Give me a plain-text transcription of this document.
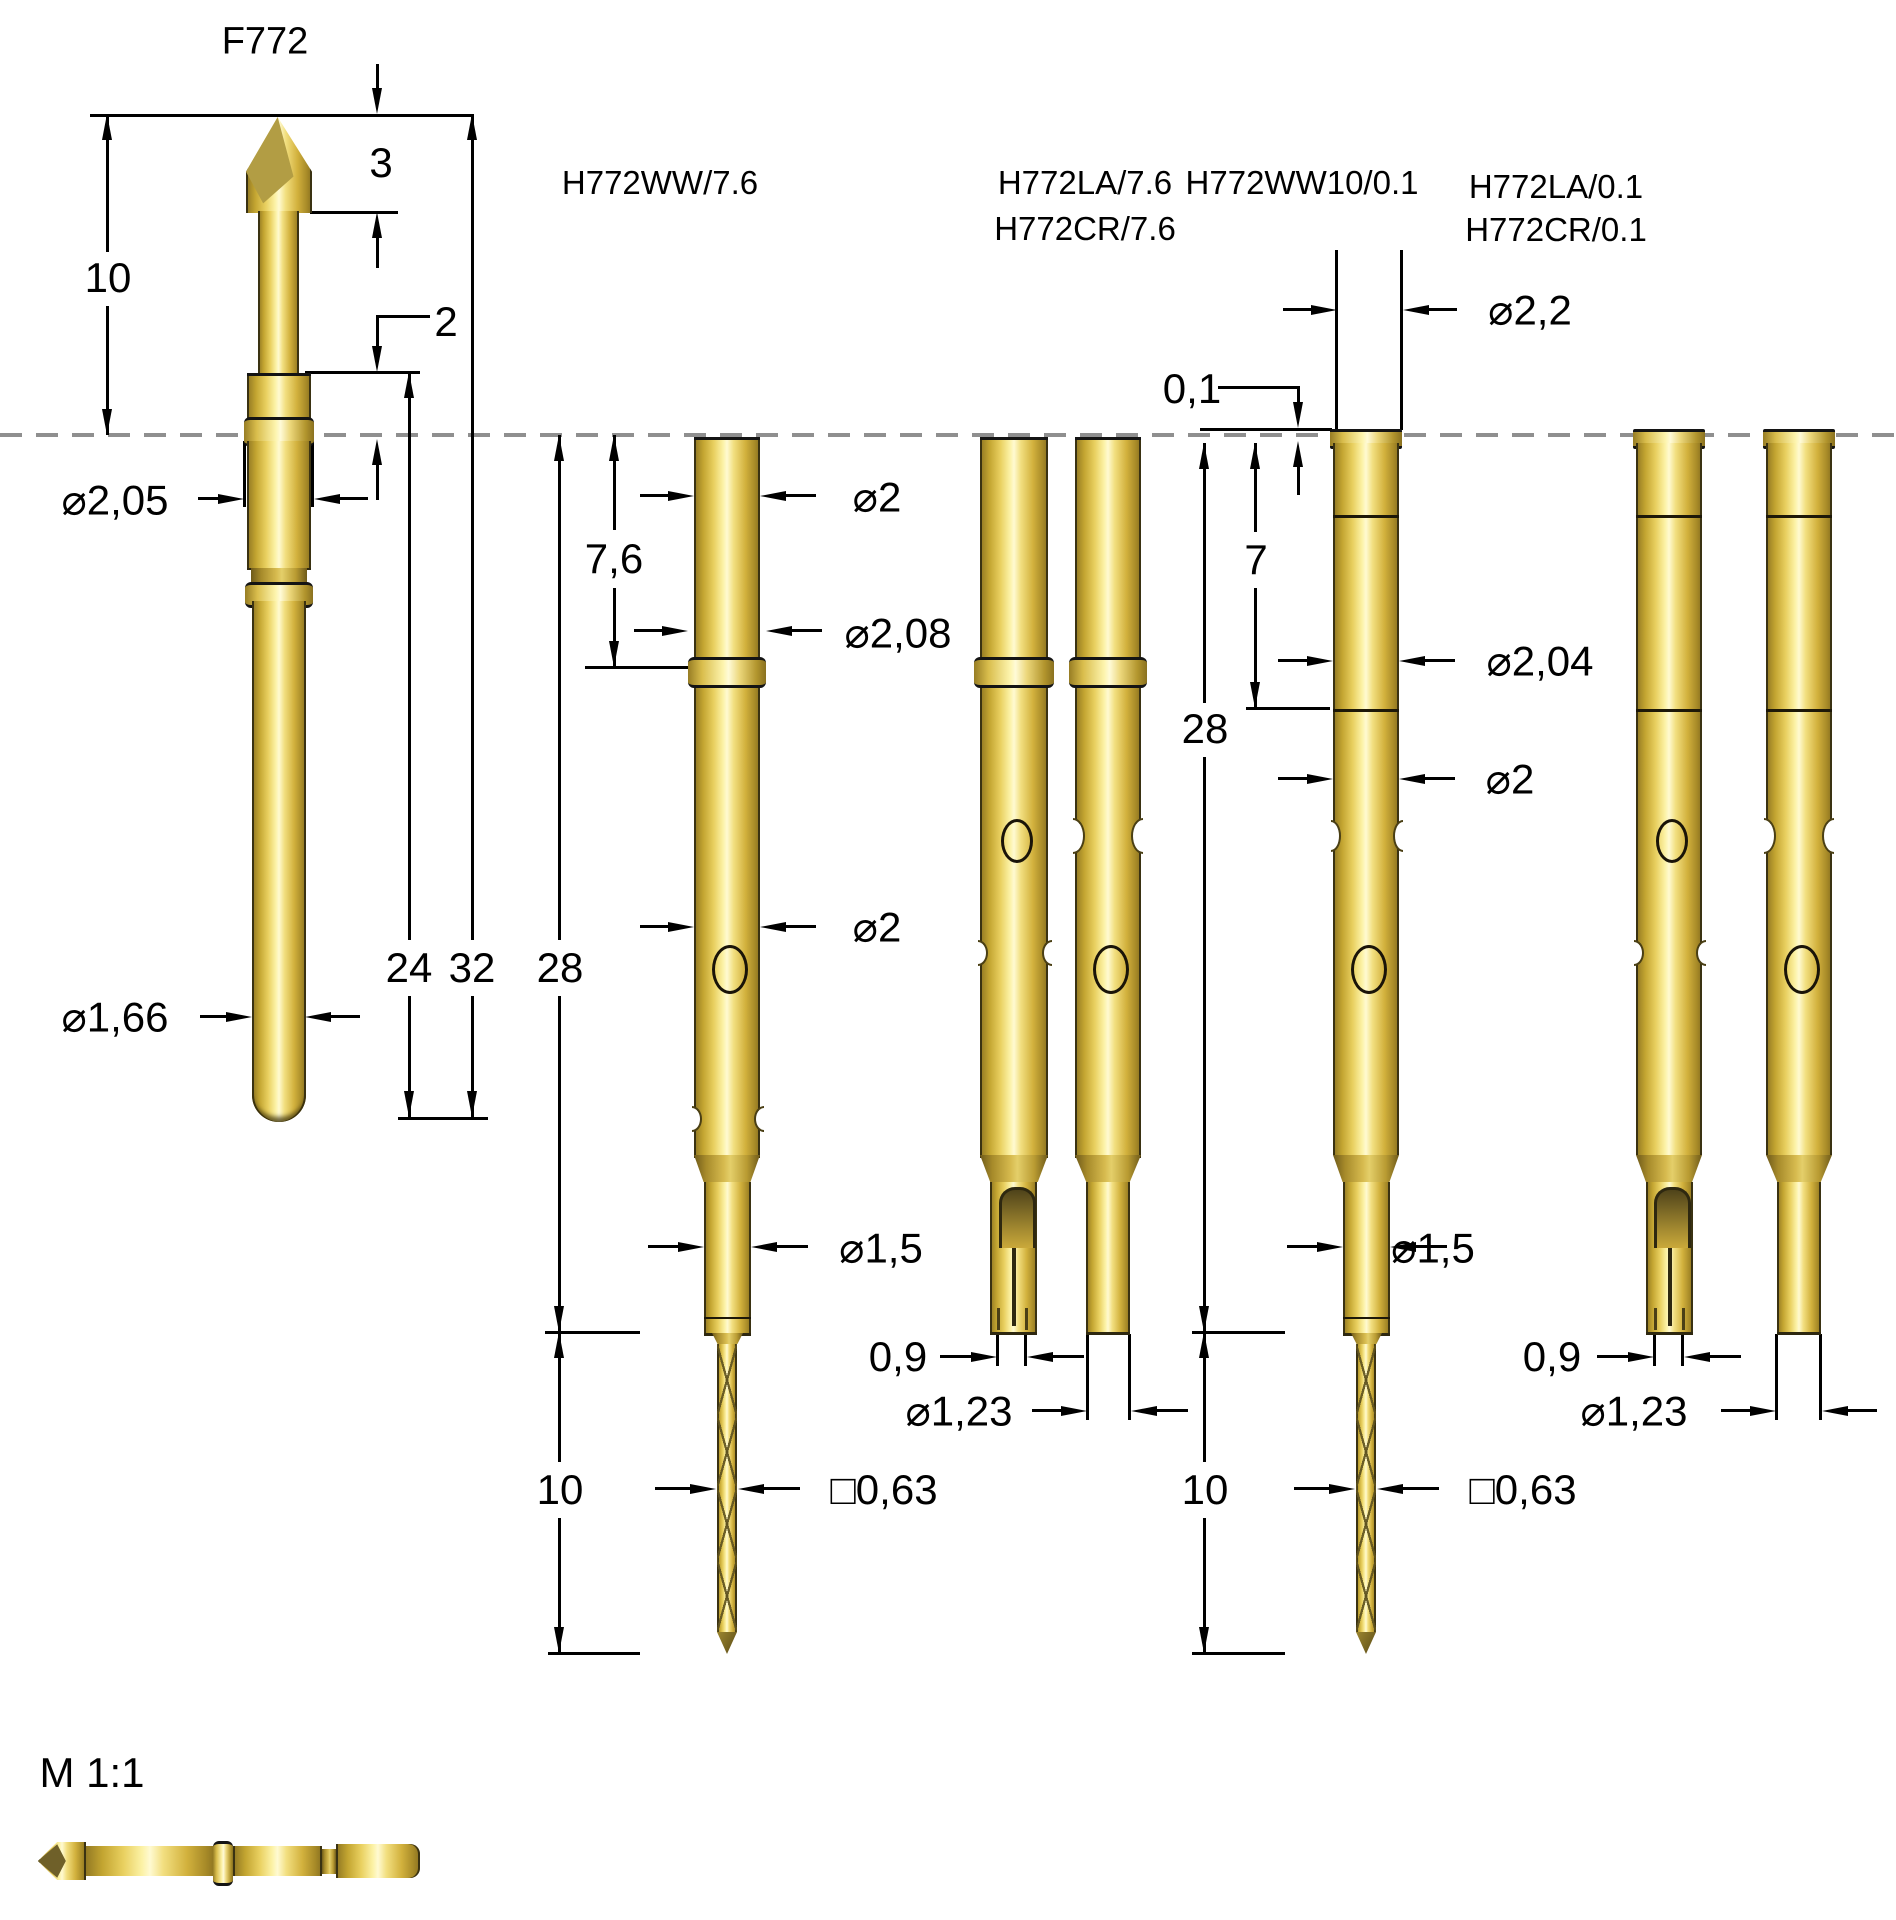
F772
H772WW/7.6	H772LA/7.6
H772CR/7.6
H772WW10/0.1 H772LA/0.1
H772CR/0.1
M 1:1
10
3
2
⌀2,05
⌀1,66
24 32 28
10
⌀2
7,6
⌀2,08
⌀2
⌀1,5
0,9
⌀1,23
□0,63
0,1
⌀2,2
7
28
10
⌀2,04
⌀2
⌀1,5
0,9
⌀1,23
□0,63
